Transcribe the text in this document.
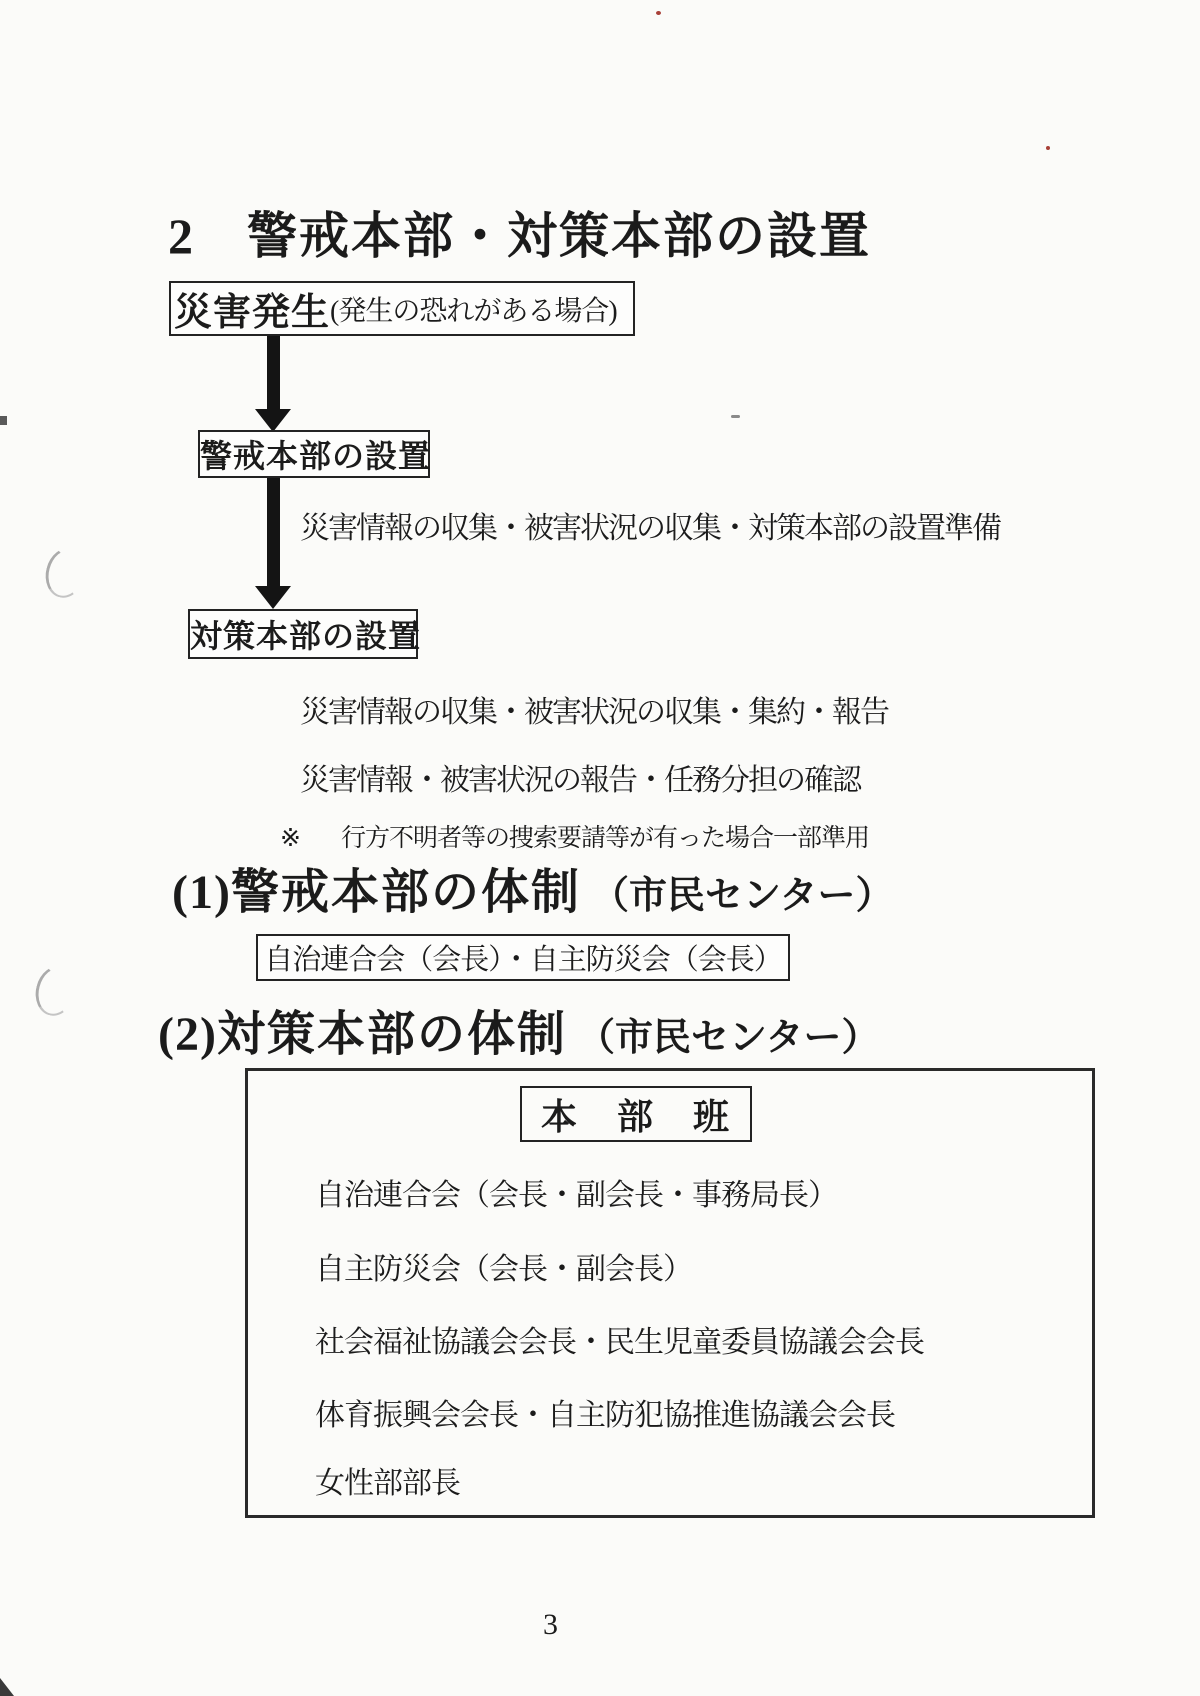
2　警戒本部・対策本部の設置
災害発生 (発生の恐れがある場合)
警戒本部の設置
災害情報の収集・被害状況の収集・対策本部の設置準備
対策本部の設置
災害情報の収集・被害状況の収集・集約・報告
災害情報・被害状況の報告・任務分担の確認
※ 行方不明者等の捜索要請等が有った場合一部準用
(1) 警戒本部の体制 （市民センター）
自治連合会（会長）・自主防災会（会長）
(2) 対策本部の体制 （市民センター）
本　部　班
自治連合会（会長・副会長・事務局長）
自主防災会（会長・副会長）
社会福祉協議会会長・民生児童委員協議会会長
体育振興会会長・自主防犯協推進協議会会長
女性部部長
3
